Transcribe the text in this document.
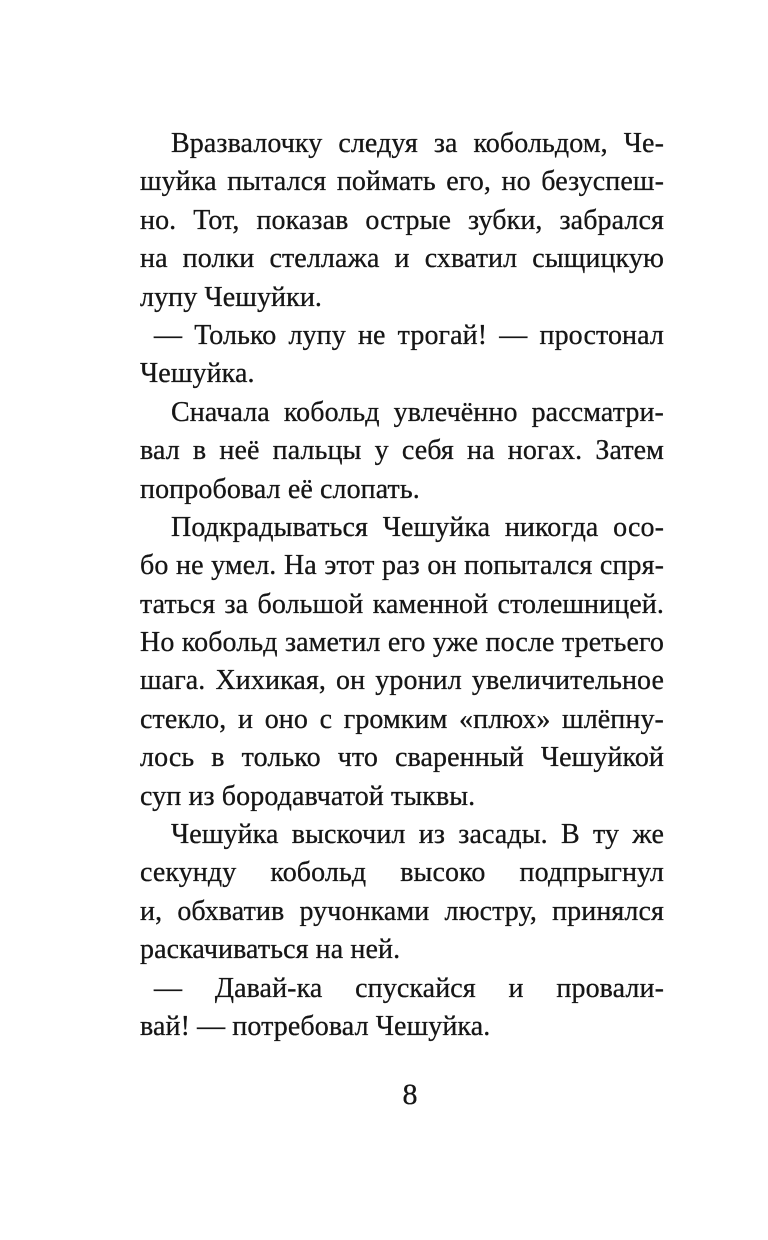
Вразвалочку следуя за кобольдом, Че-
шуйка пытался поймать его, но безуспеш-
но. Тот, показав острые зубки, забрался
на полки стеллажа и схватил сыщицкую
лупу Чешуйки.
— Только лупу не трогай! — простонал
Чешуйка.
Сначала кобольд увлечённо рассматри-
вал в неё пальцы у себя на ногах. Затем
попробовал её слопать.
Подкрадываться Чешуйка никогда осо-
бо не умел. На этот раз он попытался спря-
таться за большой каменной столешницей.
Но кобольд заметил его уже после третьего
шага. Хихикая, он уронил увеличительное
стекло, и оно с громким «плюх» шлёпну-
лось в только что сваренный Чешуйкой
суп из бородавчатой тыквы.
Чешуйка выскочил из засады. В ту же
секунду кобольд высоко подпрыгнул
и, обхватив ручонками люстру, принялся
раскачиваться на ней.
— Давай-ка спускайся и провали-
вай! — потребовал Чешуйка.
8
